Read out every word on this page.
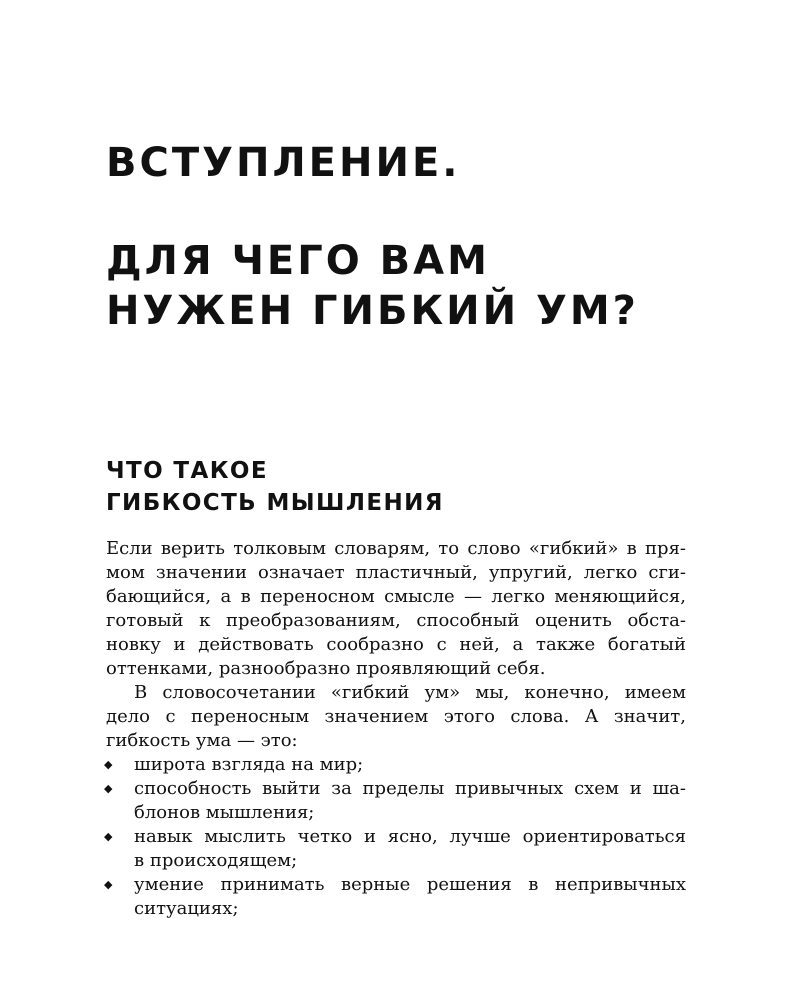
ВСТУПЛЕНИЕ.
ДЛЯ ЧЕГО ВАМ
НУЖЕН ГИБКИЙ УМ?
ЧТО ТАКОЕ
ГИБКОСТЬ МЫШЛЕНИЯ
Если верить толковым словарям, то слово «гибкий» в пря-
мом значении означает пластичный, упругий, легко сги-
бающийся, а в переносном смысле — легко меняющийся,
готовый к преобразованиям, способный оценить обста-
новку и действовать сообразно с ней, а также богатый
оттенками, разнообразно проявляющий себя.
В словосочетании «гибкий ум» мы, конечно, имеем
дело с переносным значением этого слова. А значит,
гибкость ума — это:
◆ широта взгляда на мир;
◆ способность выйти за пределы привычных схем и ша-
блонов мышления;
◆ навык мыслить четко и ясно, лучше ориентироваться
в происходящем;
◆ умение принимать верные решения в непривычных
ситуациях;
